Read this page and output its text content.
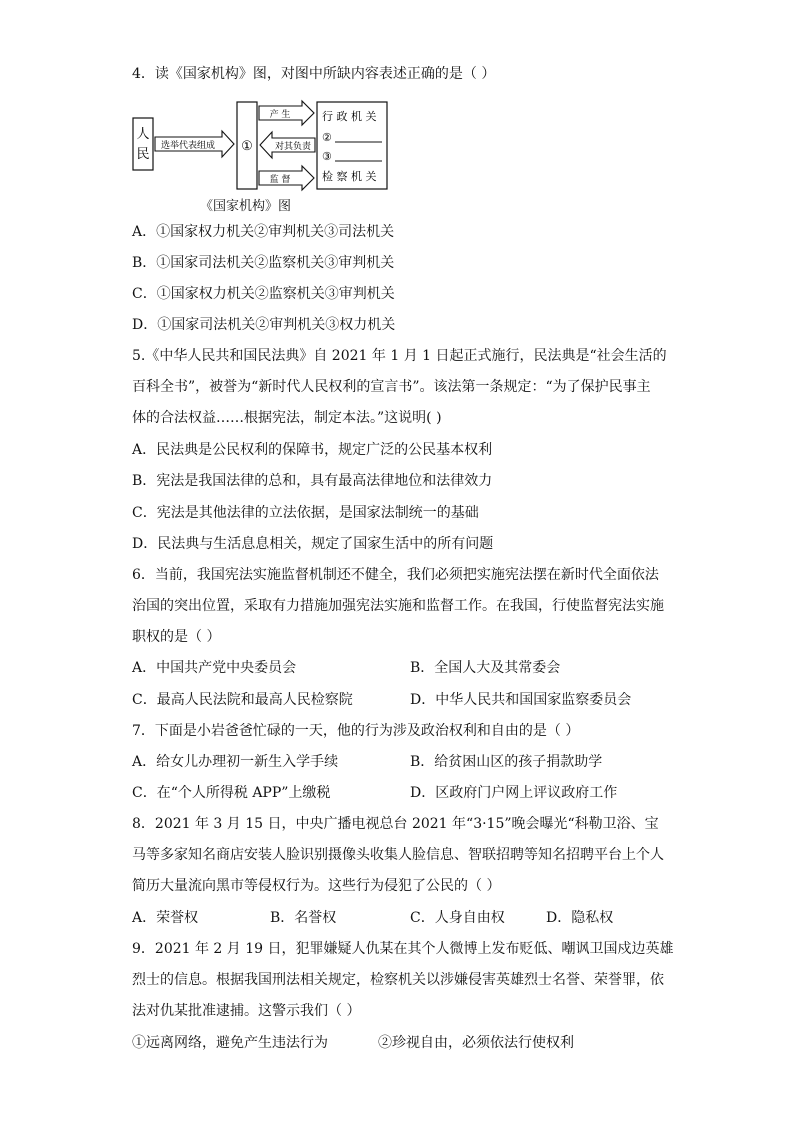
4．读《国家机构》图，对图中所缺内容表述正确的是（ ）
人
民
选举代表组成 ①
行 政 机 关
②
③
检 察 机 关
产 生
对其负责
监 督
《国家机构》图
A．①国家权力机关②审判机关③司法机关
B．①国家司法机关②监察机关③审判机关
C．①国家权力机关②监察机关③审判机关
D．①国家司法机关②审判机关③权力机关
5.《中华人民共和国民法典》自 2021 年 1 月 1 日起正式施行，民法典是“社会生活的
百科全书”，被誉为“新时代人民权利的宣言书”。该法第一条规定：“为了保护民事主
体的合法权益……根据宪法，制定本法。”这说明( )
A．民法典是公民权利的保障书，规定广泛的公民基本权利
B．宪法是我国法律的总和，具有最高法律地位和法律效力
C．宪法是其他法律的立法依据，是国家法制统一的基础
D．民法典与生活息息相关，规定了国家生活中的所有问题
6．当前，我国宪法实施监督机制还不健全，我们必须把实施宪法摆在新时代全面依法
治国的突出位置，采取有力措施加强宪法实施和监督工作。在我国，行使监督宪法实施
职权的是（ ）
A．中国共产党中央委员会	B．全国人大及其常委会
C．最高人民法院和最高人民检察院	D．中华人民共和国国家监察委员会
7．下面是小岩爸爸忙碌的一天，他的行为涉及政治权利和自由的是（ ）
A．给女儿办理初一新生入学手续	B．给贫困山区的孩子捐款助学
C．在“个人所得税 APP”上缴税	D．区政府门户网上评议政府工作
8．2021 年 3 月 15 日，中央广播电视总台 2021 年“3·15”晚会曝光“科勒卫浴、宝
马等多家知名商店安装人脸识别摄像头收集人脸信息、智联招聘等知名招聘平台上个人
简历大量流向黑市等侵权行为。这些行为侵犯了公民的（ ）
A．荣誉权	B．名誉权	C．人身自由权	D．隐私权
9．2021 年 2 月 19 日，犯罪嫌疑人仇某在其个人微博上发布贬低、嘲讽卫国戍边英雄
烈士的信息。根据我国刑法相关规定，检察机关以涉嫌侵害英雄烈士名誉、荣誉罪，依
法对仇某批准逮捕。这警示我们（ ）
①远离网络，避免产生违法行为	②珍视自由，必须依法行使权利
